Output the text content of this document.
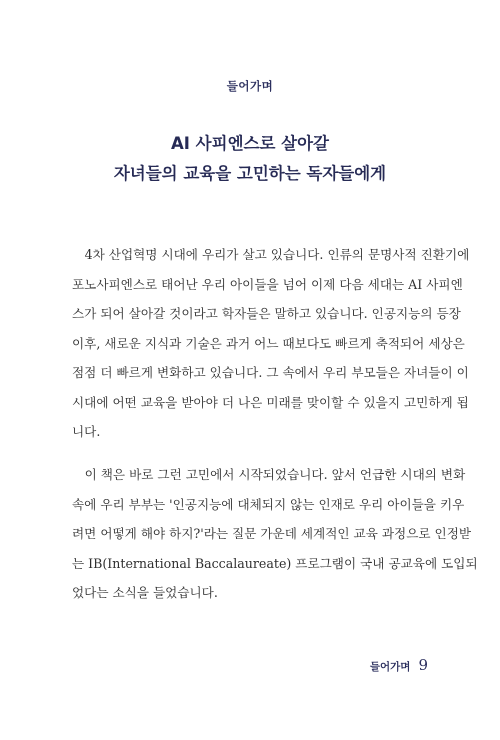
들어가며
AI 사피엔스로 살아갈
자녀들의 교육을 고민하는 독자들에게
　4차 산업혁명 시대에 우리가 살고 있습니다. 인류의 문명사적 진환기에
포노사피엔스로 태어난 우리 아이들을 넘어 이제 다음 세대는 AI 사피엔
스가 되어 살아갈 것이라고 학자들은 말하고 있습니다. 인공지능의 등장
이후, 새로운 지식과 기술은 과거 어느 때보다도 빠르게 축적되어 세상은
점점 더 빠르게 변화하고 있습니다. 그 속에서 우리 부모들은 자녀들이 이
시대에 어떤 교육을 받아야 더 나은 미래를 맞이할 수 있을지 고민하게 됩
니다.
　이 책은 바로 그런 고민에서 시작되었습니다. 앞서 언급한 시대의 변화
속에 우리 부부는 '인공지능에 대체되지 않는 인재로 우리 아이들을 키우
려면 어떻게 해야 하지?'라는 질문 가운데 세계적인 교육 과정으로 인정받
는 IB(International Baccalaureate) 프로그램이 국내 공교육에 도입되
었다는 소식을 들었습니다.
들어가며 9
